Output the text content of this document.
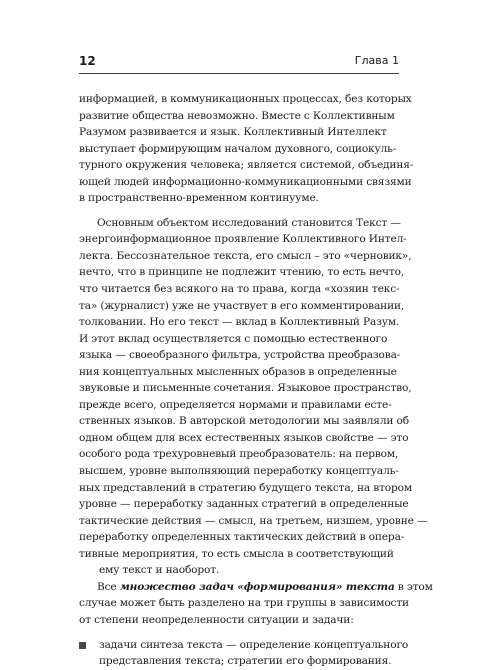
12	Глава 1
информацией, в коммуникационных процессах, без которых
развитие общества невозможно. Вместе с Коллективным
Разумом развивается и язык. Коллективный Интеллект
выступает формирующим началом духовного, социокуль-
турного окружения человека; является системой, объединя-
ющей людей информационно-коммуникационными связями
в пространственно-временном континууме.
Основным объектом исследований становится Текст —
энергоинформационное проявление Коллективного Интел-
лекта. Бессознательное текста, его смысл – это «черновик»,
нечто, что в принципе не подлежит чтению, то есть нечто,
что читается без всякого на то права, когда «хозяин текс-
та» (журналист) уже не участвует в его комментировании,
толковании. Но его текст — вклад в Коллективный Разум.
И этот вклад осуществляется с помощью естественного
языка — своеобразного фильтра, устройства преобразова-
ния концептуальных мысленных образов в определенные
звуковые и письменные сочетания. Языковое пространство,
прежде всего, определяется нормами и правилами есте-
ственных языков. В авторской методологии мы заявляли об
одном общем для всех естественных языков свойстве — это
особого рода трехуровневый преобразователь: на первом,
высшем, уровне выполняющий переработку концептуаль-
ных представлений в стратегию будущего текста, на втором
уровне — переработку заданных стратегий в определенные
тактические действия — смысл, на третьем, низшем, уровне —
переработку определенных тактических действий в опера-
тивные мероприятия, то есть смысла в соответствующий
ему текст и наоборот.
Все множество задач «формирования» текста в этом
случае может быть разделено на три группы в зависимости
от степени неопределенности ситуации и задачи:
задачи синтеза текста — определение концептуального
представления текста; стратегии его формирования.
